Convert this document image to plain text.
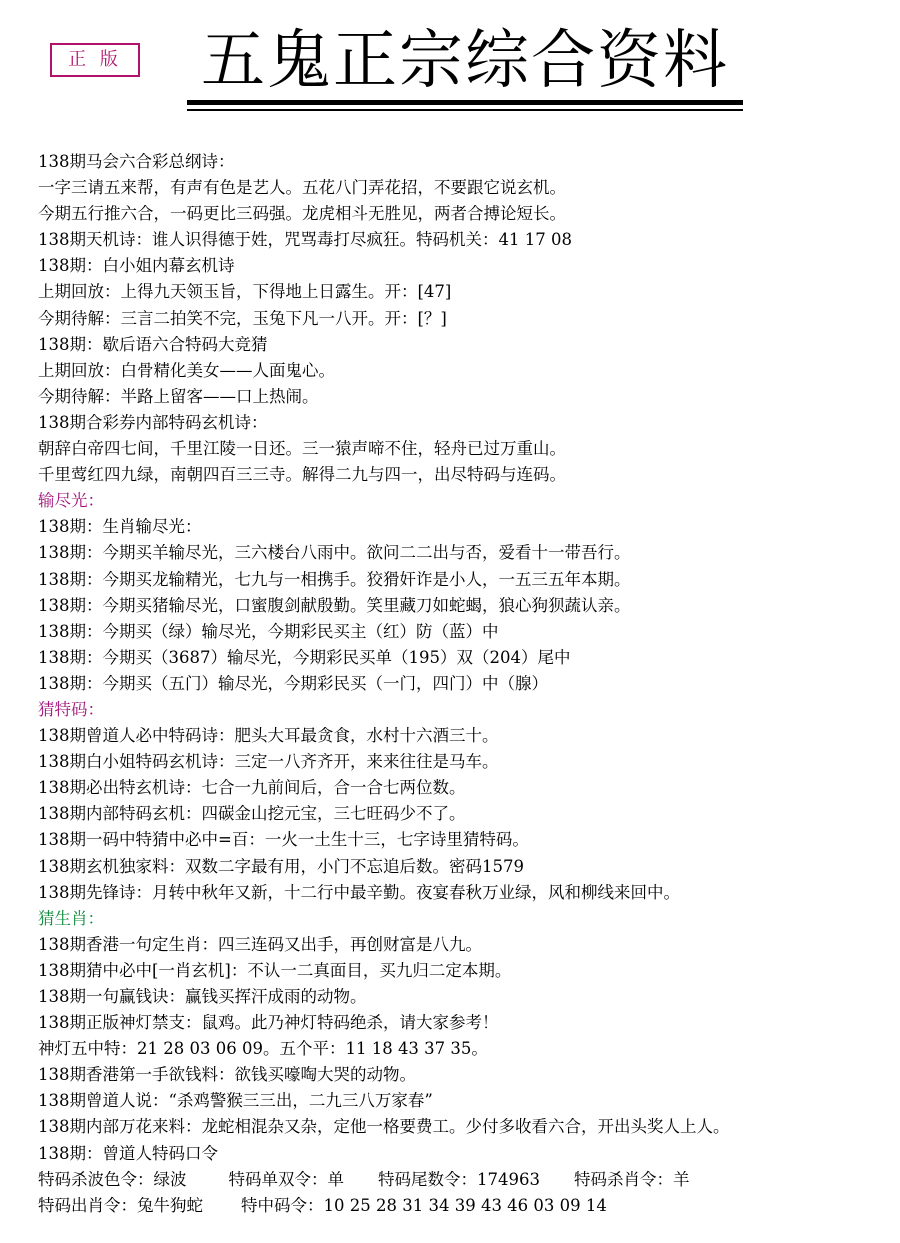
正 版 五鬼正宗综合资料
138期马会六合彩总纲诗：
一字三请五来帮，有声有色是艺人。五花八门弄花招，不要跟它说玄机。
今期五行推六合，一码更比三码强。龙虎相斗无胜见，两者合搏论短长。
138期天机诗：谁人识得德于姓，咒骂毒打尽疯狂。特码机关：41 17 08
138期：白小姐内幕玄机诗
上期回放：上得九天领玉旨，下得地上日露生。开：[47]
今期待解：三言二拍笑不完，玉兔下凡一八开。开：[？]
138期：歇后语六合特码大竞猜
上期回放：白骨精化美女——人面鬼心。
今期待解：半路上留客——口上热闹。
138期合彩券内部特码玄机诗：
朝辞白帝四七间，千里江陵一日还。三一猿声啼不住，轻舟已过万重山。
千里莺红四九绿，南朝四百三三寺。解得二九与四一，出尽特码与连码。
输尽光：
138期：生肖输尽光：
138期：今期买羊输尽光，三六楼台八雨中。欲问二二出与否，爱看十一带吾行。
138期：今期买龙输精光，七九与一相携手。狡猾奸诈是小人，一五三五年本期。
138期：今期买猪输尽光，口蜜腹剑献殷勤。笑里藏刀如蛇蝎，狼心狗狈蔬认亲。
138期：今期买（绿）输尽光，今期彩民买主（红）防（蓝）中
138期：今期买（3687）输尽光，今期彩民买单（195）双（204）尾中
138期：今期买（五门）输尽光，今期彩民买（一门，四门）中（腺）
猜特码：
138期曾道人必中特码诗：肥头大耳最贪食，水村十六酒三十。
138期白小姐特码玄机诗：三定一八齐齐开，来来往往是马车。
138期必出特玄机诗：七合一九前间后，合一合七两位数。
138期内部特码玄机：四碳金山挖元宝，三七旺码少不了。
138期一码中特猜中必中=百：一火一土生十三，七字诗里猜特码。
138期玄机独家料：双数二字最有用，小门不忘追后数。密码1579
138期先锋诗：月转中秋年又新，十二行中最辛勤。夜宴春秋万业绿，风和柳线来回中。
猜生肖：
138期香港一句定生肖：四三连码又出手，再创财富是八九。
138期猜中必中[一肖玄机]：不认一二真面目，买九归二定本期。
138期一句赢钱诀：赢钱买挥汗成雨的动物。
138期正版神灯禁支：鼠鸡。此乃神灯特码绝杀，请大家参考！
神灯五中特：21 28 03 06 09。五个平：11 18 43 37 35。
138期香港第一手欲钱料：欲钱买嚎啕大哭的动物。
138期曾道人说：“杀鸡警猴三三出，二九三八万家春”
138期内部万花来料：龙蛇相混杂又杂，定他一格要费工。少付多收看六合，开出头奖人上人。
138期：曾道人特码口令
特码杀波色令：绿波	特码单双令：单 特码尾数令：174963 特码杀肖令：羊
特码出肖令：兔牛狗蛇 特中码令：10 25 28 31 34 39 43 46 03 09 14
